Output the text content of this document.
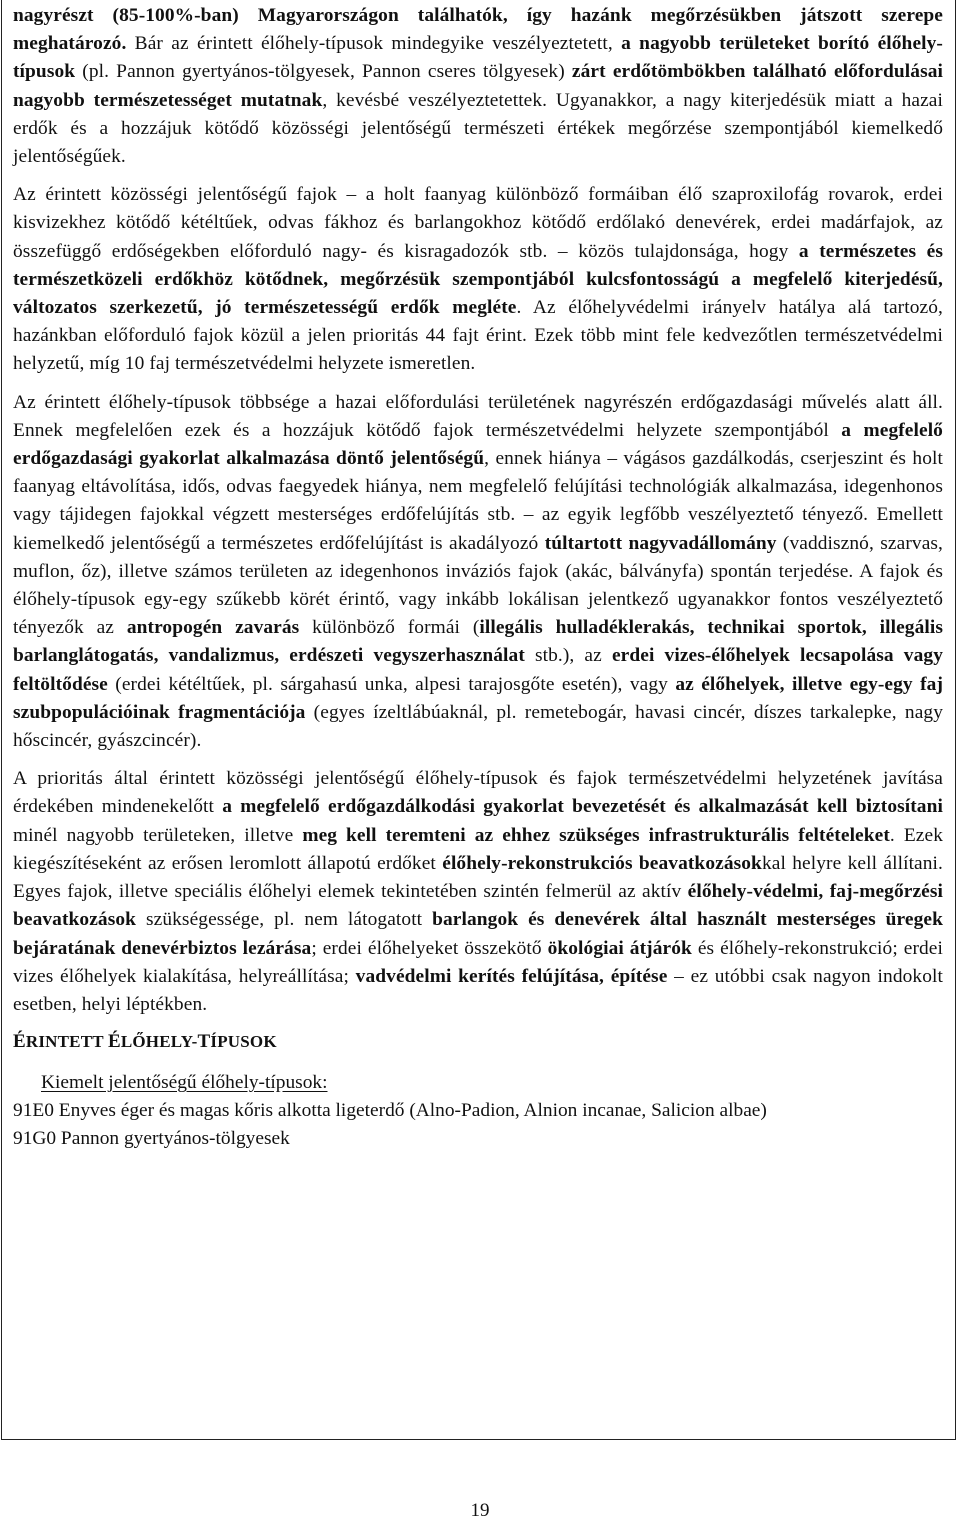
nagyrészt (85-100%-ban) Magyarországon találhatók, így hazánk megőrzésükben játszott szerepe meghatározó. Bár az érintett élőhely-típusok mindegyike veszélyeztetett, a nagyobb területeket borító élőhely-típusok (pl. Pannon gyertyános-tölgyesek, Pannon cseres tölgyesek) zárt erdőtömbökben található előfordulásai nagyobb természetességet mutatnak, kevésbé veszélyeztetettek. Ugyanakkor, a nagy kiterjedésük miatt a hazai erdők és a hozzájuk kötődő közösségi jelentőségű természeti értékek megőrzése szempontjából kiemelkedő jelentőségűek.

Az érintett közösségi jelentőségű fajok – a holt faanyag különböző formáiban élő szaproxilofág rovarok, erdei kisvizekhez kötődő kétéltűek, odvas fákhoz és barlangokhoz kötődő erdőlakó denevérek, erdei madárfajok, az összefüggő erdőségekben előforduló nagy- és kisragadozók stb. – közös tulajdonsága, hogy a természetes és természetközeli erdőkhöz kötődnek, megőrzésük szempontjából kulcsfontosságú a megfelelő kiterjedésű, változatos szerkezetű, jó természetességű erdők megléte. Az élőhelyvédelmi irányelv hatálya alá tartozó, hazánkban előforduló fajok közül a jelen prioritás 44 fajt érint. Ezek több mint fele kedvezőtlen természetvédelmi helyzetű, míg 10 faj természetvédelmi helyzete ismeretlen.

Az érintett élőhely-típusok többsége a hazai előfordulási területének nagyrészén erdőgazdasági művelés alatt áll. Ennek megfelelően ezek és a hozzájuk kötődő fajok természetvédelmi helyzete szempontjából a megfelelő erdőgazdasági gyakorlat alkalmazása döntő jelentőségű, ennek hiánya – vágásos gazdálkodás, cserjeszint és holt faanyag eltávolítása, idős, odvas faegyedek hiánya, nem megfelelő felújítási technológiák alkalmazása, idegenhonos vagy tájidegen fajokkal végzett mesterséges erdőfelújítás stb. – az egyik legfőbb veszélyeztető tényező. Emellett kiemelkedő jelentőségű a természetes erdőfelújítást is akadályozó túltartott nagyvadállomány (vaddisznó, szarvas, muflon, őz), illetve számos területen az idegenhonos inváziós fajok (akác, bálványfa) spontán terjedése. A fajok és élőhely-típusok egy-egy szűkebb körét érintő, vagy inkább lokálisan jelentkező ugyanakkor fontos veszélyeztető tényezők az antropogén zavarás különböző formái (illegális hulladéklerakás, technikai sportok, illegális barlanglátogatás, vandalizmus, erdészeti vegyszerhasználat stb.), az erdei vizes-élőhelyek lecsapolása vagy feltöltődése (erdei kétéltűek, pl. sárgahasú unka, alpesi tarajosgőte esetén), vagy az élőhelyek, illetve egy-egy faj szubpopulációinak fragmentációja (egyes ízeltlábúaknál, pl. remetebogár, havasi cincér, díszes tarkalepke, nagy hőscincér, gyászcincér).

A prioritás által érintett közösségi jelentőségű élőhely-típusok és fajok természetvédelmi helyzetének javítása érdekében mindenekelőtt a megfelelő erdőgazdálkodási gyakorlat bevezetését és alkalmazását kell biztosítani minél nagyobb területeken, illetve meg kell teremteni az ehhez szükséges infrastrukturális feltételeket. Ezek kiegészítéseként az erősen leromlott állapotú erdőket élőhely-rekonstrukciós beavatkozásokkal helyre kell állítani. Egyes fajok, illetve speciális élőhelyi elemek tekintetében szintén felmerül az aktív élőhely-védelmi, faj-megőrzési beavatkozások szükségessége, pl. nem látogatott barlangok és denevérek által használt mesterséges üregek bejáratának denevérbiztos lezárása; erdei élőhelyeket összekötő ökológiai átjárók és élőhely-rekonstrukció; erdei vizes élőhelyek kialakítása, helyreállítása; vadvédelmi kerítés felújítása, építése – ez utóbbi csak nagyon indokolt esetben, helyi léptékben.

ÉRINTETT ÉLŐHELY-TÍPUSOK
Kiemelt jelentőségű élőhely-típusok:
91E0 Enyves éger és magas kőris alkotta ligeterdő (Alno-Padion, Alnion incanae, Salicion albae)
91G0 Pannon gyertyános-tölgyesek
19
